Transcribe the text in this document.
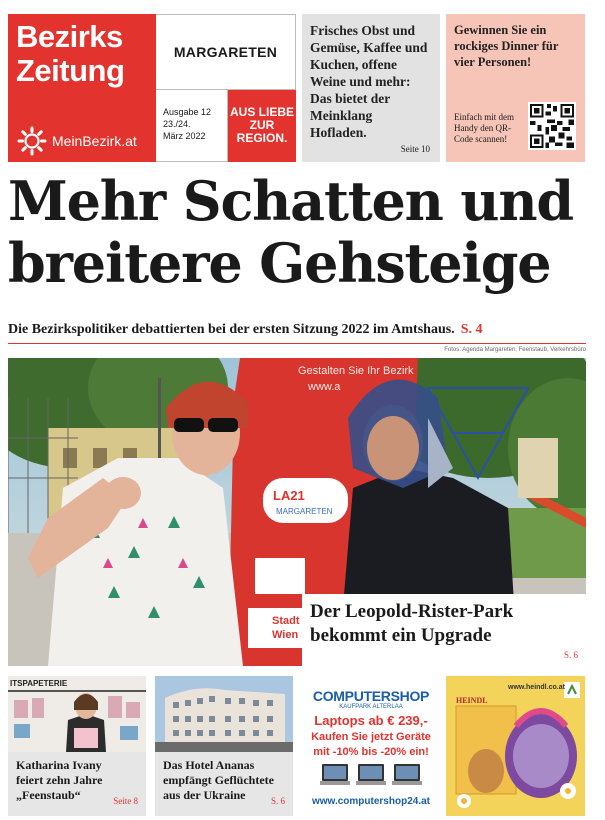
Bezirks
Zeitung
MeinBezirk.at
MARGARETEN
Ausgabe 12
23./24.
März 2022
AUS LIEBE
ZUR
REGION.
Frisches Obst und Gemüse, Kaffee und Kuchen, offene Weine und mehr: Das bietet der Meinklang Hofladen.
Seite 10
Gewinnen Sie ein rockiges Dinner für vier Personen!
Einfach mit dem Handy den QR-Code scannen!
Mehr Schatten und
breitere Gehsteige
Die Bezirkspolitiker debattierten bei der ersten Sitzung 2022 im Amtshaus. S. 4
Fotos: Agenda Margareten, Feenstaub, Verkehrsbüro
Gestalten Sie Ihr Bezirk
www.a
LA21
MARGARETEN
Stadt
Wien
Der Leopold-Rister-Park
bekommt ein Upgrade
S. 6
ITSPAPETERIE
Katharina Ivany
feiert zehn Jahre
„Feenstaub“	Seite 8
Das Hotel Ananas
empfängt Geflüchtete
aus der Ukraine	S. 6
COMPUTERSHOP
KAUFPARK ALTERLAA
Laptops ab € 239,-
Kaufen Sie jetzt Geräte
mit -10% bis -20% ein!
www.computershop24.at
www.heindl.co.at
HEINDL
